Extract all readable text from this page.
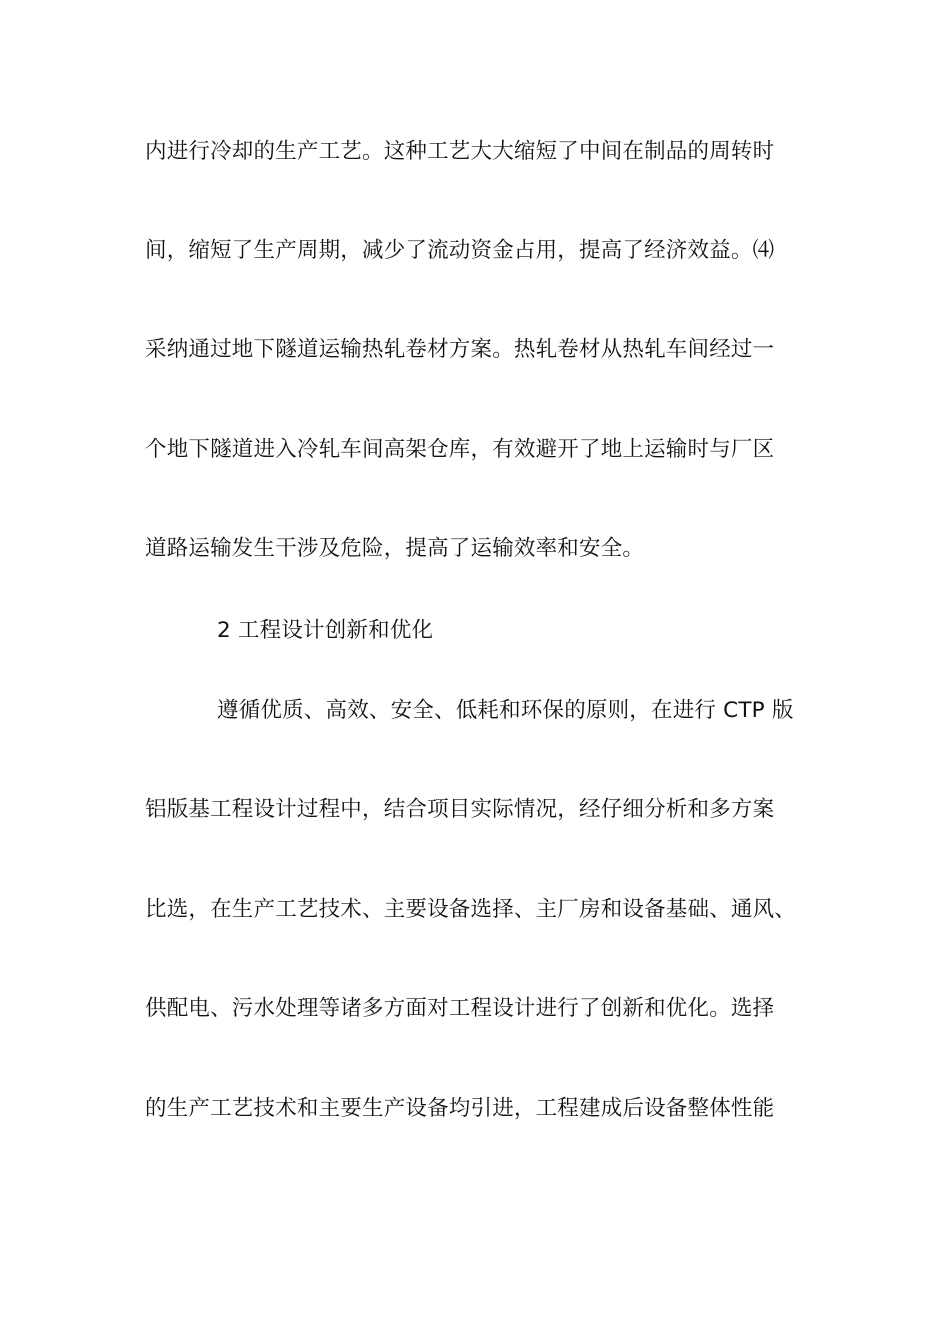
内进行冷却的生产工艺。这种工艺大大缩短了中间在制品的周转时
间，缩短了生产周期，减少了流动资金占用，提高了经济效益。⑷
采纳通过地下隧道运输热轧卷材方案。热轧卷材从热轧车间经过一
个地下隧道进入冷轧车间高架仓库，有效避开了地上运输时与厂区
道路运输发生干涉及危险，提高了运输效率和安全。
2 工程设计创新和优化
遵循优质、高效、安全、低耗和环保的原则，在进行 CTP 版
铝版基工程设计过程中，结合项目实际情况，经仔细分析和多方案
比选，在生产工艺技术、主要设备选择、主厂房和设备基础、通风、
供配电、污水处理等诸多方面对工程设计进行了创新和优化。选择
的生产工艺技术和主要生产设备均引进，工程建成后设备整体性能
